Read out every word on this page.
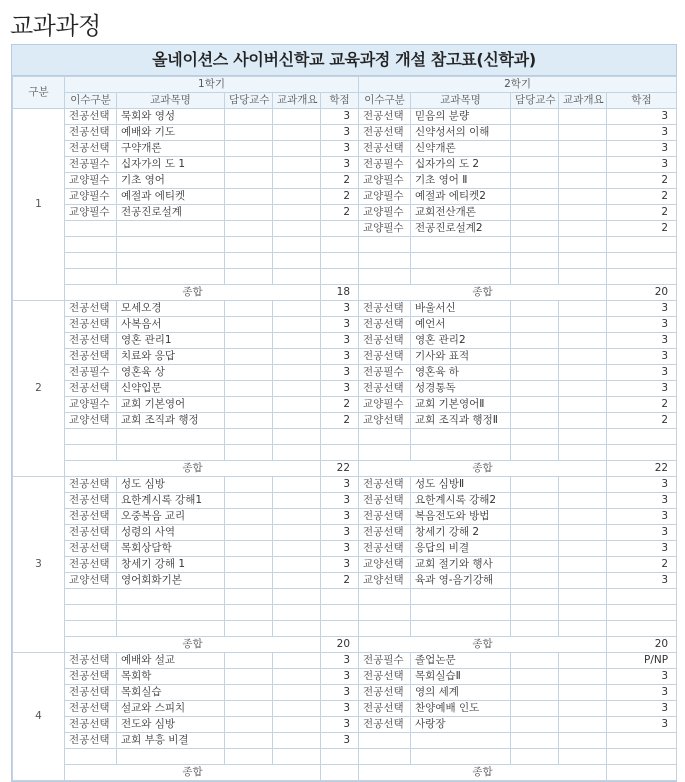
교과과정
올네이션스 사이버신학교 교육과정 개설 참고표(신학과)
구분	1학기					2학기				
	이수구분	교과목명	담당교수	교과개요	학점	이수구분	교과목명	담당교수	교과개요	학점
1	전공선택	묵회와 영성			3	전공선택	믿음의 분량			3
	전공선택	예배와 기도			3	전공선택	신약성서의 이해			3
	전공선택	구약개론			3	전공선택	신약개론			3
	전공필수	십자가의 도 1			3	전공필수	십자가의 도 2			3
	교양필수	기초 영어			2	교양필수	기초 영어 Ⅱ			2
	교양필수	예절과 에티켓			2	교양필수	예절과 에티켓2			2
	교양필수	전공진로설계			2	교양필수	교회전산개론			2
						교양필수	전공진로설계2			2

	종합				18	종합				20
2	전공선택	모세오경			3	전공선택	바울서신			3
	전공선택	사복음서			3	전공선택	예언서			3
	전공선택	영혼 관리1			3	전공선택	영혼 관리2			3
	전공선택	치료와 응답			3	전공선택	기사와 표적			3
	전공필수	영혼육 상			3	전공필수	영혼육 하			3
	전공선택	신약입문			3	전공선택	성경통독			3
	교양필수	교회 기본영어			2	교양필수	교회 기본영어Ⅱ			2
	교양선택	교회 조직과 행정			2	교양선택	교회 조직과 행정Ⅱ			2

	종합				22	종합				22
3	전공선택	성도 심방			3	전공선택	성도 심방Ⅱ			3
	전공선택	요한계시록 강해1			3	전공선택	요한계시록 강해2			3
	전공선택	오중복음 교리			3	전공선택	복음전도와 방법			3
	전공선택	성령의 사역			3	전공선택	창세기 강해 2			3
	전공선택	목회상담학			3	전공선택	응답의 비결			3
	전공선택	창세기 강해 1			3	교양선택	교회 절기와 행사			2
	교양선택	영어회화기본			2	교양선택	육과 영-음기강해			3

	종합				20	종합				20
4	전공선택	예배와 설교			3	전공필수	졸업논문			P/NP
	전공선택	목회학			3	전공선택	목회실습Ⅱ			3
	전공선택	목회실습			3	전공선택	영의 세계			3
	전공선택	설교와 스피치			3	전공선택	찬양예배 인도			3
	전공선택	전도와 심방			3	전공선택	사랑장			3
	전공선택	교회 부흥 비결			3					

	종합					종합				
